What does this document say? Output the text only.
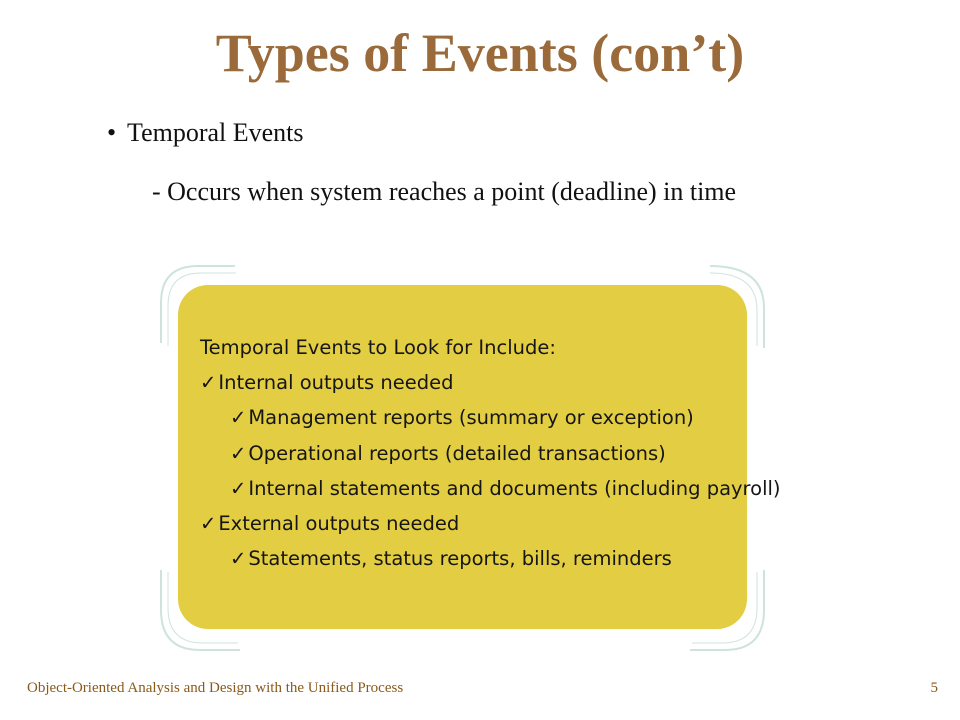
Types of Events (con’t)
• Temporal Events
- Occurs when system reaches a point (deadline) in time
Temporal Events to Look for Include:
✓ Internal outputs needed
✓ Management reports (summary or exception)
✓ Operational reports (detailed transactions)
✓ Internal statements and documents (including payroll)
✓ External outputs needed
✓ Statements, status reports, bills, reminders
Object-Oriented Analysis and Design with the Unified Process	5
